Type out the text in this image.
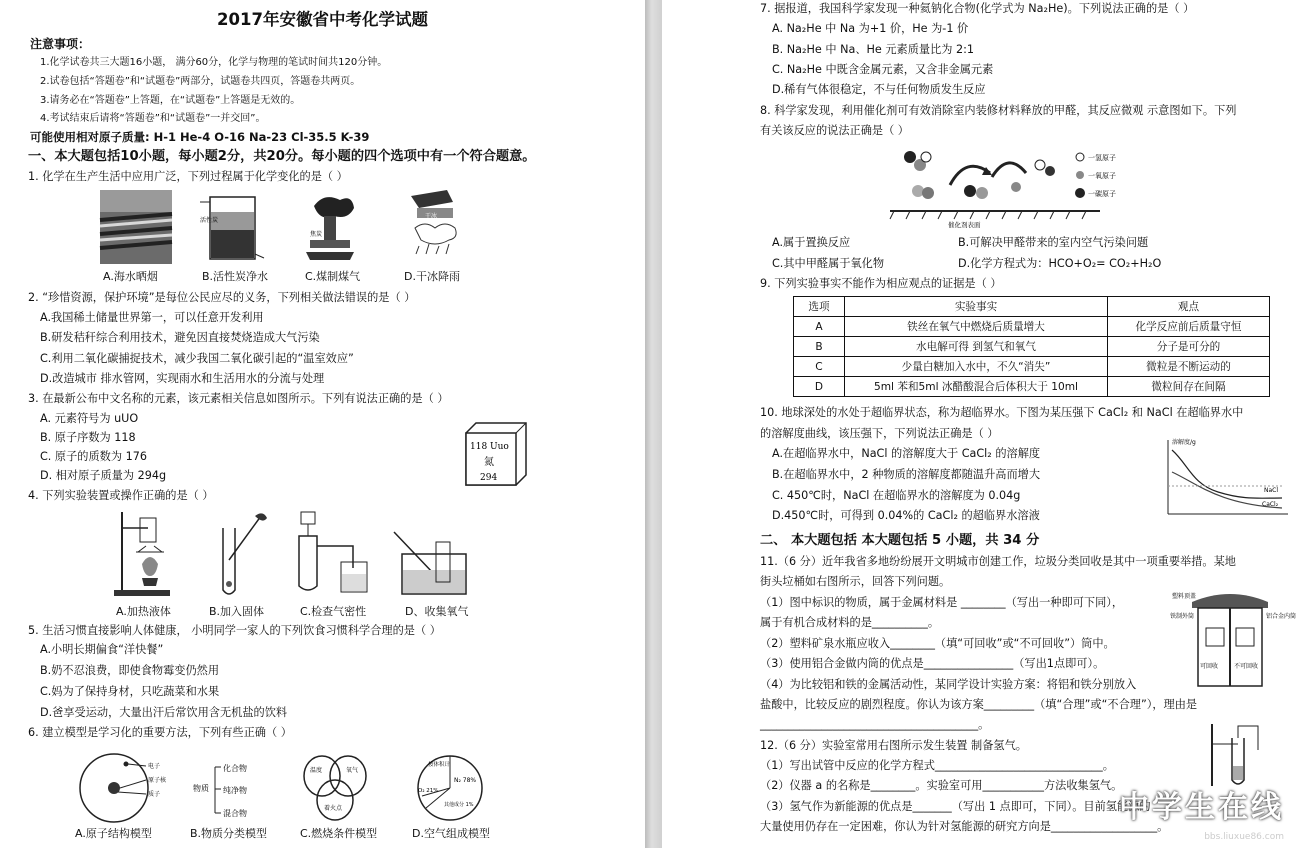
2017年安徽省中考化学试题
注意事项：
1.化学试卷共三大题16小题， 满分60分，化学与物理的笔试时间共120分钟。
2.试卷包括“答题卷”和“试题卷”两部分，试题卷共四页，答题卷共两页。
3.请务必在“答题卷”上答题，在“试题卷”上答题是无效的。
4.考试结束后请将“答题卷”和“试题卷”一并交回”。
可能使用相对原子质量: H-1 He-4 O-16 Na-23 Cl-35.5 K-39
一、本大题包括10小题，每小题2分，共20分。每小题的四个选项中有一个符合题意。
1. 化学在生产生活中应用广泛，下列过程属于化学变化的是（ ）
活性炭
焦炭
干冰
A.海水晒烟	B.活性炭净水	C.煤制煤气	D.干冰降雨
2. “珍惜资源，保护环境”是每位公民应尽的义务，下列相关做法错误的是（ ）
A.我国稀土储量世界第一，可以任意开发利用
B.研发秸秆综合利用技术，避免因直接焚烧造成大气污染
C.利用二氧化碳捕捉技术，减少我国二氧化碳引起的“温室效应”
D.改造城市 排水管网，实现雨水和生活用水的分流与处理
3. 在最新公布中文名称的元素，该元素相关信息如图所示。下列有说法正确的是（ ）
A. 元素符号为 uUO
B. 原子序数为 118
C. 原子的质数为 176
D. 相对原子质量为 294g
118 Uuo
氮
294
4. 下列实验装置或操作正确的是（ ）
A.加热液体	B.加入固体	C.检查气密性	D、收集氧气
5. 生活习惯直接影响人体健康， 小明同学一家人的下列饮食习惯科学合理的是（ ）
A.小明长期偏食“洋快餐”
B.奶不忍浪费，即使食物霉变仍然用
C.妈为了保持身材，只吃蔬菜和水果
D.爸享受运动，大量出汗后常饮用含无机盐的饮料
6. 建立模型是学习化的重要方法，下列有些正确（ ）
电子
原子核
质子
物质
化合物
纯净物
混合物
温度	氧气
着火点
按体积计
N₂ 78%
O₂ 21%
其他成分 1%
A.原子结构模型	B.物质分类模型	C.燃烧条件模型	D.空气组成模型
7. 据报道，我国科学家发现一种氦钠化合物(化学式为 Na₂He)。下列说法正确的是（ ）
A. Na₂He 中 Na 为+1 价，He 为-1 价
B. Na₂He 中 Na、He 元素质量比为 2:1
C. Na₂He 中既含金属元素，又含非金属元素
D.稀有气体很稳定，不与任何物质发生反应
8. 科学家发现，利用催化剂可有效消除室内装修材料释放的甲醛，其反应微观 示意图如下。下列
有关该反应的说法正确是（ ）
催化剂表面
一氢原子
一氧原子
一碳原子
A.属于置换反应	B.可解决甲醛带来的室内空气污染问题
C.其中甲醛属于氧化物	D.化学方程式为：HCO+O₂= CO₂+H₂O
9. 下列实验事实不能作为相应观点的证据是（ ）
选项	实验事实	观点
A	铁丝在氧气中燃烧后质量增大	化学反应前后质量守恒
B	水电解可得 到氢气和氧气	分子是可分的
C	少量白糖加入水中，不久“消失”	微粒是不断运动的
D	5ml 苯和5ml 冰醋酸混合后体积大于 10ml	微粒间存在间隔
10. 地球深处的水处于超临界状态，称为超临界水。下图为某压强下 CaCl₂ 和 NaCl 在超临界水中
的溶解度曲线，该压强下，下列说法正确是（ ）
A.在超临界水中，NaCl 的溶解度大于 CaCl₂ 的溶解度
B.在超临界水中，2 种物质的溶解度都随温升高而增大
C. 450℃时，NaCl 在超临界水的溶解度为 0.04g
D.450℃时，可得到 0.04%的 CaCl₂ 的超临界水溶液
溶解度/g
NaCl
CaCl₂
二、 本大题包括 本大题包括 5 小题，共 34 分
11.（6 分）近年我省多地纷纷展开文明城市创建工作，垃圾分类回收是其中一项重要举措。某地
街头垃桶如右图所示，回答下列问题。
（1）图中标识的物质，属于金属材料是 ________（写出一种即可下同），
属于有机合成材料的是__________。
（2）塑料矿泉水瓶应收入________（填“可回收”或“不可回收”）筒中。
（3）使用铝合金做内筒的优点是________________（写出1点即可）。
（4）为比较铝和铁的金属活动性，某同学设计实验方案：将铝和铁分别放入
盐酸中，比较反应的剧烈程度。你认为该方案_________（填“合理”或“不合理”），理由是
_______________________________________。
塑料顶盖
铁制外筒	铝合金内筒
可回收	不可回收
12.（6 分）实验室常用右图所示发生装置 制备氢气。
（1）写出试管中反应的化学方程式______________________________。
（2）仪器 a 的名称是________。实验室可用___________方法收集氢气。
（3）氢气作为新能源的优点是_______（写出 1 点即可，下同）。目前氢能源的
大量使用仍存在一定困难，你认为针对氢能源的研究方向是___________________。
中学生在线
bbs.liuxue86.com
